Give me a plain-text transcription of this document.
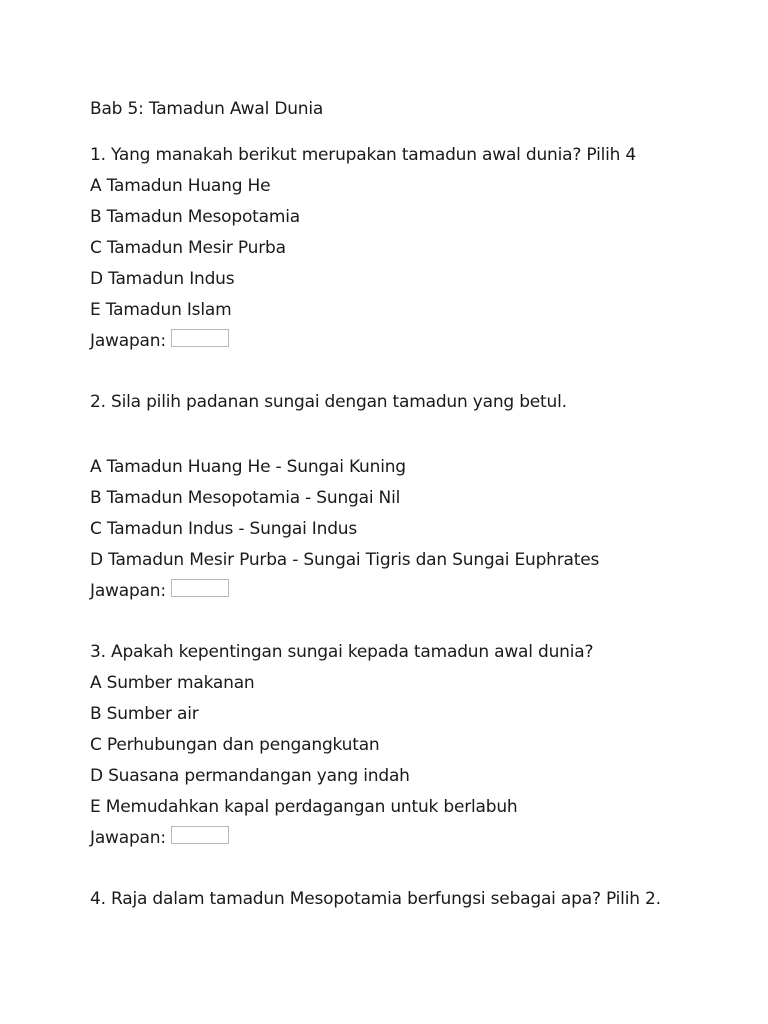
Bab 5: Tamadun Awal Dunia
1. Yang manakah berikut merupakan tamadun awal dunia? Pilih 4
A Tamadun Huang He
B Tamadun Mesopotamia
C Tamadun Mesir Purba
D Tamadun Indus
E Tamadun Islam
Jawapan:
2. Sila pilih padanan sungai dengan tamadun yang betul.
A Tamadun Huang He - Sungai Kuning
B Tamadun Mesopotamia - Sungai Nil
C Tamadun Indus - Sungai Indus
D Tamadun Mesir Purba - Sungai Tigris dan Sungai Euphrates
Jawapan:
3. Apakah kepentingan sungai kepada tamadun awal dunia?
A Sumber makanan
B Sumber air
C Perhubungan dan pengangkutan
D Suasana permandangan yang indah
E Memudahkan kapal perdagangan untuk berlabuh
Jawapan:
4. Raja dalam tamadun Mesopotamia berfungsi sebagai apa? Pilih 2.
